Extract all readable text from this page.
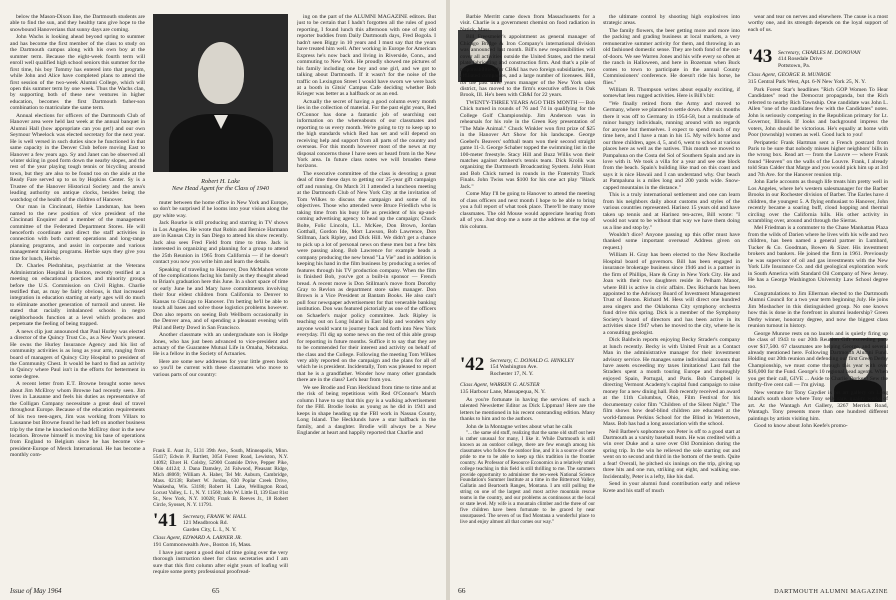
below the Mason-Dixon line, the Dartmouth students are able to find the sun, and they healthy tans give hope to the snowbound Hanoverians that sunny days are coming.

John Wachs is looking ahead beyond spring to summer and has become the first member of the class to study on the Dartmouth campus along with his own boy at the summer term. Because the eight-week fourth term will enroll well qualified high school seniors this summer for the first time, his boy Tommy has entered into that program, while John and Alice have completed plans to attend the first session of the two-week Alumni College, which will open this summer term by one week. Thus the Wachs clan, by supporting both of these new ventures in higher education, becomes the first Dartmouth father-son combination to matriculate the same term.

Annual elections for officers of the Dartmouth Club of Hanover area were held last week at the annual banquet in Alumni Hall (how appropriate can you get!) and our own Seymour Wheelock was elected secretary for the next year. He is well versed in such duties since he functioned in that same capacity in the Denver Club before moving East to Hanover a few years ago. Sy and Janet can be observed all winter skiing in good form down the nearby slopes, and the rest of the year playing tough tennis or bicycling around town, but they are also to be found too on the aisle at the Ready Fare served up to us by Hopkins Center. Sy is a Trustee of the Hanover Historical Society and the area's leading authority on antique clocks, besides being the watchdog of the health of the children of Hanover.

Our man in Cincinnati, Herbie Landsman, has been named to the new position of vice president of the Cincinnati Enquirer and a member of the management committee of the Federated Department Stores. He will henceforth coordinate and direct the staff activities in connection with both current operations and long-range planning programs, and assist in corporate and various management training programs. Herbie says they give you time for lunch, Herbie.

Dr. Charles Piedrahitas, psychiatrist at the Veterans Administration Hospital in Boston, recently testified at a meeting on educational practices and minority groups before the U.S. Commission on Civil Rights. Charlie testified that, as may be fairly obvious, is that increased integration in education starting at early ages will do much to eliminate another generation of turmoil and unrest. He stated that racially imbalanced schools in negro neighborhoods function at a level which produces and perpetuate the feeling of being trapped.

A news clip just announced that Paul Hurley was elected a director of the Quincy Trust Co., as a New Year's present. He owns the Hurley Insurance Agency and his list of community activities is as long as your arm, ranging from board of managers of Quincy City Hospital to president of the Community Chest. It would be hard to find an activity in Quincy where Paul isn't in the efforts for betterment in some degree.

A recent letter from E.T. Browne brought some news about Jim McElroy whom Browne had recently seen. Jim lives in Lausanne and feels his duties as representative of the Colligan Company necessitate a great deal of travel throughout Europe. Because of the education requirements of his two teen-agers, Jim was working from Villars to Lausanne but Browne found he had left on another business trip by the time he knocked on the McElroy door in the new location. Browne himself is moving his base of operations from England to Belgium since he has become vice-president-Europe of Merck International. He has become a monthly com-

Robert H. Lake
New Head Agent for the Class of 1940

muter between the home office in New York and Europe, so don't be surprised if he looms into your vision along the gay white way.

Jack Rourke is still producing and starring in TV shows in Los Angeles. He wrote that Robin and Bernice Harmann are in Kansas City in San Diego to attend his show recently. Jack also sees Fred Field from time to time. Jack is interested in organizing and planning for a group to attend the 25th Reunion in 1965 from California — if he doesn't contact you now you write him and learn the details.

Speaking of traveling to Hanover, Don McMahon wrote of the complications facing his family as they thought ahead to Brian's graduation here this June. In a short space of time or early June he and Mary have commitments involving their four eldest children from California to Denver to Kansas to Chicago to Hanover. I'm betting he'll be able to touch all bases and solve those logistics problems however. Don also reports on seeing Bob Wellborn occasionally in the Denver area, and of spending a pleasant evening with Phil and Betty Dowd in San Francisco.

Another classmate with an undergraduate son is Hodge Jones, who has just been advanced to vice-president and actuary of the Guarantee Mutual Life in Omaha, Nebraska. He is a fellow in the Society of Actuaries.

Here are some new addresses for your little green book so you'll be current with these classmates who move to various parts of our country:

Frank E. Aust Jr., 5131 39th Ave., South, Minneapolis, Minn. 55417; Edwin P. Bartlett, 3054 Forest Road, Lewiston, N.Y. 14092; Ehret H. Colsby, 52900 Coatside Drive, Pepper Pike, Ohio 44124; J. Dana Damsley, 24 Falwood, Pleasant Ridge, Mich 48069; William A. Haber, Tel Mr. Auburn, Cambridge, Mass. 02138; Robert W. Jordan, 630 Poplar Creek Drive, Waukesha, Wis. 53186; Robert H. Lake, Wellington Road, Locust Valley, L. I., N. Y. 11560; John W. Little II, 139 East 81st St., New York, N.Y. 10028; Frank B. Reeves Jr., 18 Robert Circle, Syosset, N. Y. 11791.

'41	Secretary, FRANK W. HALL
121 Meadbrook Rd.
Garden City, L. I., N. Y.

Class Agent, EDWARD A. LARNER JR.

191 Commonwealth Ave., Boston 16, Mass.

I have just spent a good deal of time going over the very thorough instruction sheet for class secretaries and I am sure that this first column after eight years of loafing will require some pretty professional proofread-

ing on the part of the ALUMNI MAGAZINE editors. But just to be certain that I hadn't forgotten all the rules of good reporting, I found lunch this afternoon with one of my old reporter buddies from Daily Dartmouth days, Fred Bogola. I hadn't seen Biggy in 10 years and I must say that the years have treated him well. After working in Europe for American Express he's now back and living in Riverside, Conn., and commuting to New York. He proudly showed me pictures of his family including one boy and one girl, and we got to talking about Dartmouth. If it wasn't for the noise of the traffic on Lexington Street I would have sworn we were back at a booth in Gitsis' Campus Cafe deciding whether Bob Krieger was better as a halfback or as an end.

Actually the secret of having a good column every month lies in the collection of material. For the past eight years, Red O'Connor has done a fantastic job of searching out information on the whereabouts of our classmates and reporting to us every month. We're going to try to keep up to the high standards which Red has set and will depend on receiving help and support from all parts of the country and overseas. For this month however most of the news at my disposal concerns those I have seen or heard from in the New York area. In future class notes we will broaden these horizons.

The executive committee of the class is devoting a great deal of time these days to getting our 25-year gift campaign off and running. On March 31 I attended a luncheon meeting at the Dartmouth Club of New York City at the invitation of Tom Wilkes to discuss the campaign and some of its objectives. Those who attended were Bruce Friedlich who is taking time from his busy life as president of his up-and-coming advertising agency to head up the campaign; Chuck Bolte, Folic Lincoln, LL. McKee, Don Brown, Jordan Gotthall, Gordon Ide, Mort Lawson, Bob Lawrence, Don Stillman, Jack Ripley, and Dick Hill. We didn't get a chance to pick up a lot of personal news on these men but a few bits were passing along. Bob Lawrence for example heads a company producing the new bread "La Vie" and in addition is keeping his hand in the film business by producing a series of features through his TV production company. When the film is finished Bob, you've got a built-in sponsor — French bread. A recent move is Don Stillman's move from Dorothy Gray to Revlon as department store sales manager. Don Brown is a Vice President at Bantam Books. He also can't pull four newspaper advertisement for that venerable banking institution. Don was featured pictorially as one of the officers on Schaefer's major policy committee. Jack Ripley is teaching out on Long Island in East Islip and wonders why anyone would want to journey back and forth into New York everyday. I'll dig up some news on the rest of this able group for reporting in future months. Suffice it to say that they are to be commended for their interest and activity on behalf of the class and the College. Following the meeting Tom Wilkes very ably reported on the campaign and the plans for all of which he is president. Incidentally, Tom was pleased to report that he is a grandfather. Wonder how many other grandads there are in the class? Let's hear from you.

We see Brodie and Fran Hecklund from time to time and at the risk of being repetitious with Red O'Connor's March column I have to say that this guy is a walking advertisement for the FBI. Brodie looks as young as he did in 1941 and keeps in shape heading up the FBI work in Nassau County, Long Island. The Hecklunds have a star halfback in the family, and a daughter. Brodie will always be a New Englander at heart and happily reported that Charlie and

Issue of May 1964	65

Barbie Merritt came down from Massachusetts for a visit. Charlie is a government chemist on food radiation in Natick, Mass.

Bill Freesmeier's appointment as general manager of Chicago Bridge & Iron Company's international division was announced last month. Bill's new responsibilities will cover all activities outside the United States, and the metal plate fabricating and construction firm. And that's a pile of responsibilities, for CB&I has two foreign subsidiaries, two affiliated companies, and a large number of licensees. Bill, for the past three years manager of the New York sales district, has moved to the firm's executive offices in Oak Brook, Ill. He's been with CB&I for 22 years.

TWENTY-THREE YEARS AGO THIS MONTH — Bob Chick turned in rounds of 76 and 74 in qualifying for the College Golf Championship. Jim Anderson was in rehearsals for his role in the Green Key presentation of "The Male Animal." Chuck Winkler won first prize of $25 in the Hanover Art Show for his landscape. George Goebel's Beavers' softball team won their second straight game 11-3. George Schaber topped the swimming list in the 100-meter freestyle. Stacy Hill and Buzz Willis won their matches against Amherst's tennis team. Dick Krolik was organizing the Dartmouth Broadcasting System. John Hunt and Bob Chick turned in rounds in the Fraternity Track Finals. John Twiss was $100 for his one act play "Black Jack."

Come May I'll be going to Hanover to attend the meeting of class officers and next month I hope to be able to bring you a full report of what took place. There'll be many more classmates. The old Mouse would appreciate hearing from all of you. Just drop me a note at the address at the top of this column.

'42	Secretary, C. DONALD G. HINKLEY
154 Washington Ave.
Rochester 17, N. Y.

Class Agent, WARREN G. AUSTER

135 Harbour Lane, Massapequa, N. Y.

As you're fortunate in having the services of such a talented Newsletter Editor as Dick Lippman! Here are the letters he mentioned in his recent outstanding edition. Many thanks to him and to the authors.

John de la Montagne writes about what he calls

"... the same old stuff, realizing that the same old stuff out here is rather unusual for many, I like it. While Dartmouth is still known as an outdoor college, there are few enough among his classmates who follow the outdoor line, and it is a source of some pride to me to be able to keep up this tradition in the frontier country. As Professor of Resource Economics in a relatively small college teaching in this field is still thrilling to me. The summers provide opportunity to administer the ten-week National Science Foundation's Summer Institute at a time in the Bitterroot Valley, Gallatin and Beartooth Ranges, Montana. I am still pulling the string on one of the largest and most active mountain rescue teams in the country, and our problems as continuous at the local or state level. My wife is a mountain climber and the three of our five children have been fortunate to be graced by near unsurpassed. The seven of us find Montana a wonderful place to live and enjoy almost all that comes our way."

the ultimate control by shooting high explosives into strategic areas.

The family flowers, the beer getting more and more into the packing and grading business at local markets, a very remunerative summer activity for them, and throwing in an old fashioned domestic sense. They are both fond of the out-of-doors. We see Warren Jones and his wife every so often at the ranch in Halloween, and here in Bozeman when Buck comes to town to participate in the annual County Commissioners' conference. He doesn't ride his horse, he flies."

William R. Thompson writes about equally exciting, if somewhat less rugged activities. Here is Bill's bit:

"We finally retired from the Army and moved to Germany, where we planned to settle down. After six months there it was off to Germany in 1954-58, but a multitude of minor hungry individuals, running around with no regards for anyone but themselves. I expect to spend much of my time here, and I have a man in his 15. My wife's home and our three children, ages 4, 5, and 6, went to school at various places here as well as the natives. This month we moved to Pampaluna on the Costa del Sol of Southern Spain and are in love with it. We took a villa for a year and see one block from the beach. Spain's building like mad on this coast and says it is nice Hawaii and I can understand why. Our beach at Pampaluna is a miles long and 200 yards wide. Snow-capped mountains in the distance."

This is a truly international settlement and one can learn from his neighbors daily about customs and styles of the various countries represented. Harinez 15 years old and have taken up tennis and at Harinez ten-acres, Bill wrote: "I would not want to be without that way we have them doing us a line and stop by."

Wouldn't dice? Anyone passing up this offer must have thanked some important overseas! Address given on request.)

William H. Gray has been elected to the New Rochelle Hospital board of governors. Bill has been engaged in insurance brokerage business since 1946 and is a partner in the firm of Phillips, Hare & Gray in New York City. He and Joan with their two daughters reside in Pelham Manor, where Bill is active in civic affairs. Dex Richards has been appointed to the Advisory Board of Investment Management Trust of Boston. Richard M. Hess will direct one hundred area singers and the Oklahoma City symphony orchestra fund drive this spring. Dick is a member of the Symphony Society's board of directors and has been active in its activities since 1947 when he moved to the city, where he is a consulting geologist.

Dick Baldwin reports enjoying Becky Strader's company at lunch recently. Becky is with United Fruit as a Contact Man in the administrative manager for their investment advisory service. He manages some individual accounts that have assets exceeding my taxes limitations! Last fall the Straders spent a month touring Europe and thoroughly enjoyed Spain, Portugal, and Paris. Bob Campbell is directing Vermont Academy's capital fund campaign to raise money for a new dining hall. Bob recently received an award at the 11th Columbus, Ohio, Film Festival for his documentary color film "Children of the Silent Night." The film shows how deaf-blind children are educated at the world-famous Perkins School for the Blind in Watertown, Mass. Bob has had a long association with the school.

Neil Barbee's sophomore son Peter is off to a good start at Dartmouth as a varsity baseball team. He was credited with a win over Duke and a save over Old Dominion during the spring trip. In the win he relieved the sole starting out and went on to second and third in the bottom of the tenth. Quite a feat! Overall, he pitched six innings on the trip, giving up three hits and one run, striking out eight, and walking one. Incidentally, Peter is a lefty, like his dad.

Send in your alumni fund contribution early and relieve Krete and his staff of much

wear and tear on nerves and elsewhere. The cause is a most worthy one, and its strength depends on the loyal support of each of us.

'43	Secretary, CHARLES M. DONOVAN
414 Rosedale Drive
Pottstown, Pa.

Class Agent, GEORGE B. MUNROE

315 Central Park West, Apt. 6-N New York 25, N. Y.

Park Forest Star's headlines "Rich GOP Women To Hear Candidates" read the Democrat propaganda, but the Rich referred to nearby Rich Township. One candidate was John L. Allen "one of the candidates few with the Candidates" notes. John is seriously competing in the Republican primary for Lt. Governor, Illinois. If looks and background impress the voters, John should be victorious. He's equally at home with Poor (township) women as well. Good luck to you!

Peripatetic Frank Hartman sent a French postcard from Paris to be sure that nobody misses higher neighbors' bills in the wrong box. Read art — from the Louvre — where Frank found "Heaven" on the walls of the Louvre. Frank, I already told Stan Calder that Marge and you would pick him up at 3rd and 7th Ave. for the Hanover reunion trip.

John Earle accounts as though life treats him pretty well in Los Angeles, where he's western salesmanager for the Barber Brooks in our Rochester division of Barber. The Earles have 4 children, the youngest 5. A flying enthusiast to Hanover, John recently became a soaring buff, cloud hopping and thermal circling over the California hills. His other activity in scrambling over, around and through the Sierras.

Mel Friedman is a commuter to the Chase Manhattan Plaza from the wilds of Darien where he lives with his wife and two children, has been named a general partner in Lumbard, Tucker & Co. Goodman, Bowen & Sizer. His investment brokers and bankers. He joined the firm in 1961. Previously he was supervisor of oil and gas investments with the New York Life Insurance Co. and did geological exploration work in South America with Standard Oil Company of New Jersey. He has a George Washington University Law School degree too.

Congratulations to Jim Ellerman elected to the Dartmouth Alumni Council for a two year term beginning July. He joins Jim Mosbacher in this distinguished group. No one knows how this is done in the forefront in alumni leadership? Green Derby winner, honorary degree, and now the biggest class reunion turnout in history.

George Munroe rests on no laurels and is quietly firing up the class of 1943 to our 20th Reunion Gift exceeding pace over $17,500. 67 classmates are helping George, and several already mentioned here. Following Dartmouth Alumni Fund. Holding our 20th reunion and defending our first Green Derby Championship, we must come through this year with over $16,000 for the Fund. George's 10 regional head agents. When you get their call, GIVE ... Aside to Charlie Dorkey! Sew the thrifty-five cent call — I'm giving.

New venture for Tony Gaydier is his art gallery on Long Island's south shore where Tony sells rare, quality works of art. At the Wantagh Art Gallery, 3267 Merrick Road, Wantagh. Tony presents more than one hundred different paintings by artists visiting him.

Good to know about John Keefe's promo-

66	DARTMOUTH ALUMNI MAGAZINE
